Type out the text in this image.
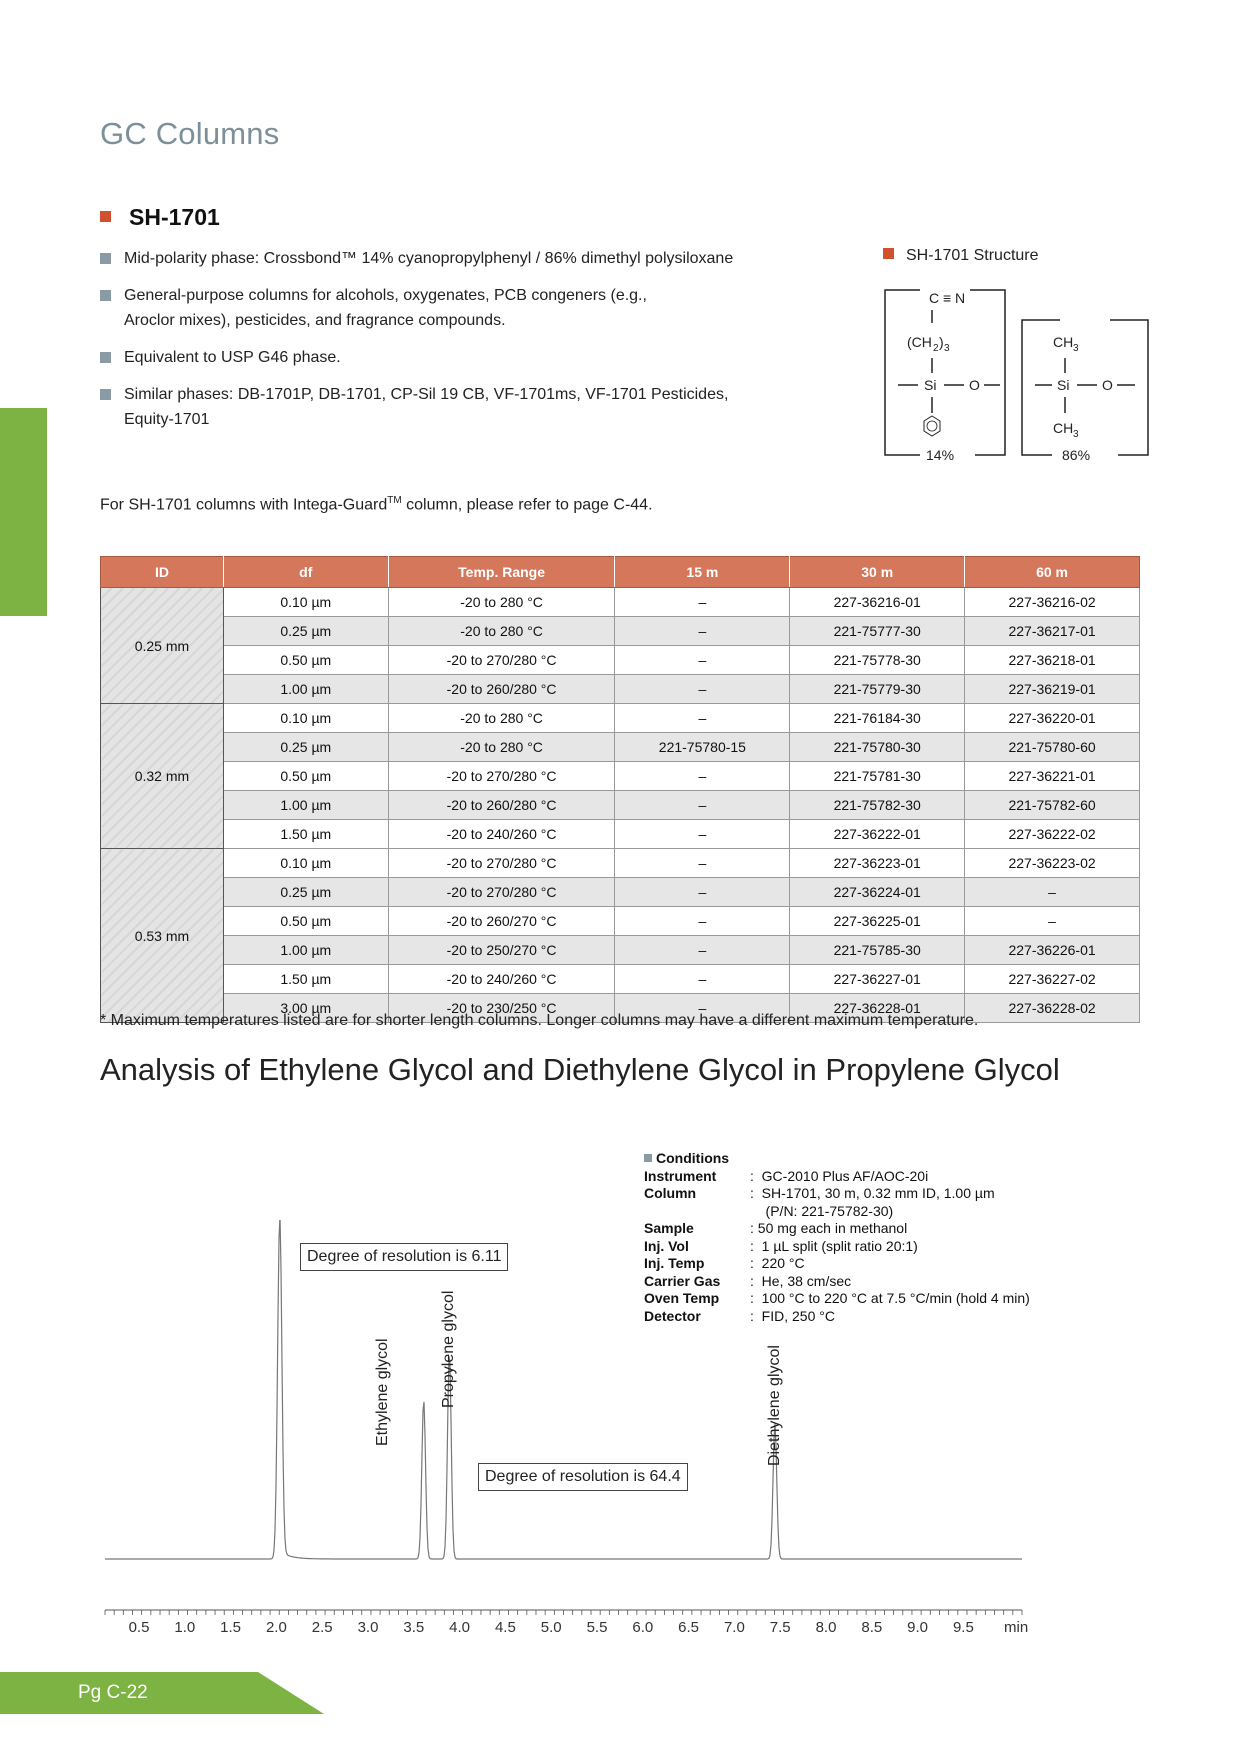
GC Columns
SH-1701
Mid-polarity phase: Crossbond™ 14% cyanopropylphenyl / 86% dimethyl polysiloxane
General-purpose columns for alcohols, oxygenates, PCB congeners (e.g., Aroclor mixes), pesticides, and fragrance compounds.
Equivalent to USP G46 phase.
Similar phases: DB-1701P, DB-1701, CP-Sil 19 CB, VF-1701ms, VF-1701 Pesticides, Equity-1701
For SH-1701 columns with Intega-Guard™ column, please refer to page C-44.
SH-1701 Structure
C ≡ N
(CH 2 ) 3
Si O
14%
CH 3
Si O
CH 3
86%
ID	df	Temp. Range	15 m	30 m	60 m
0.25 mm	0.10 µm	-20 to 280 °C	–	227-36216-01	227-36216-02
	0.25 µm	-20 to 280 °C	–	221-75777-30	227-36217-01
	0.50 µm	-20 to 270/280 °C	–	221-75778-30	227-36218-01
	1.00 µm	-20 to 260/280 °C	–	221-75779-30	227-36219-01
0.32 mm	0.10 µm	-20 to 280 °C	–	221-76184-30	227-36220-01
	0.25 µm	-20 to 280 °C	221-75780-15	221-75780-30	221-75780-60
	0.50 µm	-20 to 270/280 °C	–	221-75781-30	227-36221-01
	1.00 µm	-20 to 260/280 °C	–	221-75782-30	221-75782-60
	1.50 µm	-20 to 240/260 °C	–	227-36222-01	227-36222-02
0.53 mm	0.10 µm	-20 to 270/280 °C	–	227-36223-01	227-36223-02
	0.25 µm	-20 to 270/280 °C	–	227-36224-01	–
	0.50 µm	-20 to 260/270 °C	–	227-36225-01	–
	1.00 µm	-20 to 250/270 °C	–	221-75785-30	227-36226-01
	1.50 µm	-20 to 240/260 °C	–	227-36227-01	227-36227-02
	3.00 µm	-20 to 230/250 °C	–	227-36228-01	227-36228-02
* Maximum temperatures listed are for shorter length columns. Longer columns may have a different maximum temperature.
Analysis of Ethylene Glycol and Diethylene Glycol in Propylene Glycol
Conditions
Instrument	:  GC-2010 Plus AF/AOC-20i
Column	:  SH-1701, 30 m, 0.32 mm ID, 1.00 µm
(P/N: 221-75782-30)
Sample	: 50 mg each in methanol
Inj. Vol	:  1 µL split (split ratio 20:1)
Inj. Temp	:  220 °C
Carrier Gas	:  He, 38 cm/sec
Oven Temp	:  100 °C to 220 °C at 7.5 °C/min (hold 4 min)
Detector	:  FID, 250 °C
0.5 1.0 1.5 2.0 2.5 3.0 3.5 4.0 4.5 5.0 5.5 6.0 6.5 7.0 7.5 8.0 8.5 9.0 9.5 min
Degree of resolution is 6.11
Degree of resolution is 64.4
Ethylene glycol	Propylene glycol	Diethylene glycol
Pg C-22
